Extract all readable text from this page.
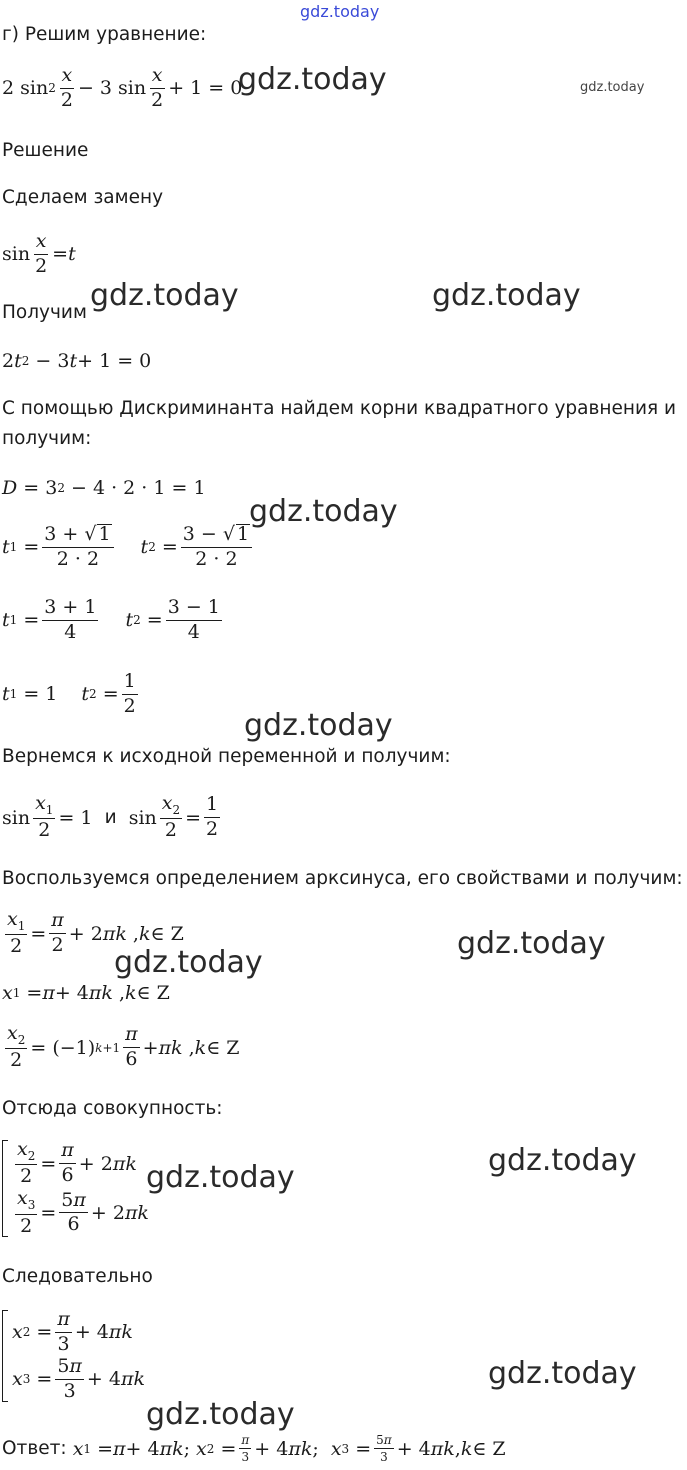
gdz.today
gdz.today
gdz.today
gdz.today	gdz.today
gdz.today
gdz.today
gdz.today
gdz.today
gdz.today
gdz.today
gdz.today
gdz.today
г) Решим уравнение:
2 sin 2
x
2
− 3 sin
x
2
+ 1 = 0
Решение
Сделаем замену
sin
x
2
= t
Получим
2 t 2 − 3 t + 1 = 0
С помощью Дискриминанта найдем корни квадратного уравнения и
получим:
D = 3 2 − 4 · 2 · 1 = 1
t 1 =
3 + √ 1
2 · 2
t 2 =
3 − √ 1
2 · 2
t 1 =
3 + 1
4
t 2 =
3 − 1
4
t 1 = 1 t 2 =
1
2
Вернемся к исходной переменной и получим:
sin
$x_1$
2
= 1 и sin
$x_2$
2
=
1
2
Воспользуемся определением арксинуса, его свойствами и получим:
$x_1$
2
=
π
2
+ 2 πk , k ∈ Z
x 1 = π + 4 πk , k ∈ Z
$x_2$
2
= (−1) k+1
π
6
+ πk , k ∈ Z
Отсюда совокупность:
$x_2$
2
=
π
6
+ 2 πk
$x_3$
2
=
5π
6
+ 2 πk
Следовательно
x 2 =
π
3
+ 4 πk
x 3 =
5π
3
+ 4 πk
Ответ:
x 1 = π + 4 πk ; x 2 = π
3 + 4 πk ; x 3 = 5π
3 + 4 πk , k ∈ Z
